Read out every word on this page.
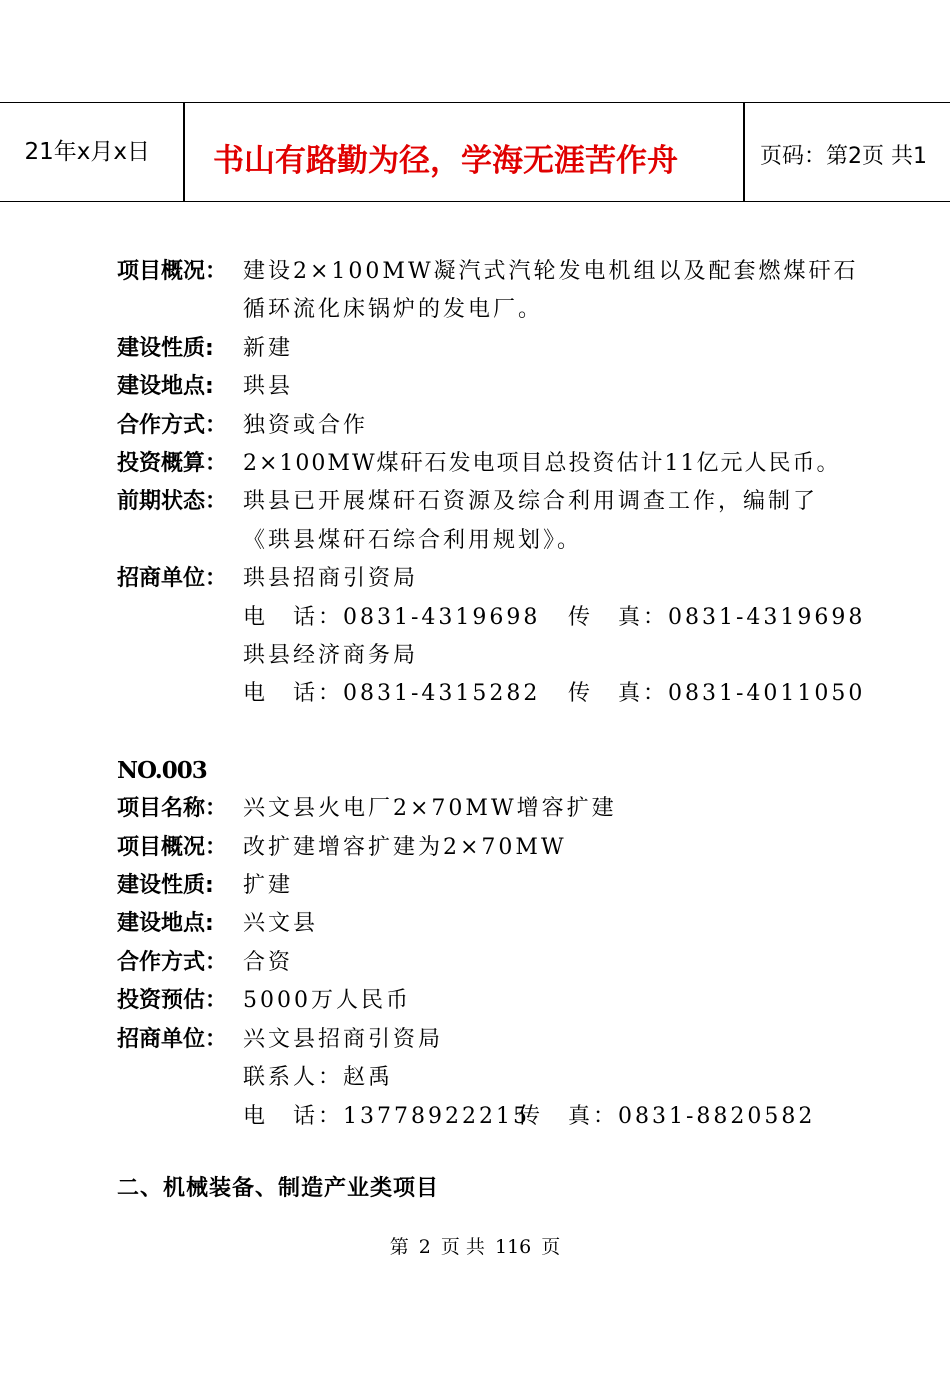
21年x月x日 书山有路勤为径，学海无涯苦作舟	页码：第2页 共1
项目概况： 建设2×100MW凝汽式汽轮发电机组以及配套燃煤矸石
循环流化床锅炉的发电厂。
建设性质:	新建
建设地点:	珙县
合作方式： 独资或合作
投资概算： 2×100MW煤矸石发电项目总投资估计11亿元人民币。
前期状态： 珙县已开展煤矸石资源及综合利用调查工作，编制了
《珙县煤矸石综合利用规划》。
招商单位： 珙县招商引资局
电　话：0831-4319698 传　真：0831-4319698
珙县经济商务局
电　话：0831-4315282 传　真：0831-4011050
NO.003
项目名称： 兴文县火电厂2×70MW增容扩建
项目概况： 改扩建增容扩建为2×70MW
建设性质:	扩建
建设地点:	兴文县
合作方式： 合资
投资预估： 5000万人民币
招商单位： 兴文县招商引资局
联系人：赵禹
电　话：13778922215
传　真：0831-8820582
二、机械装备、制造产业类项目
第 2 页 共 116 页
